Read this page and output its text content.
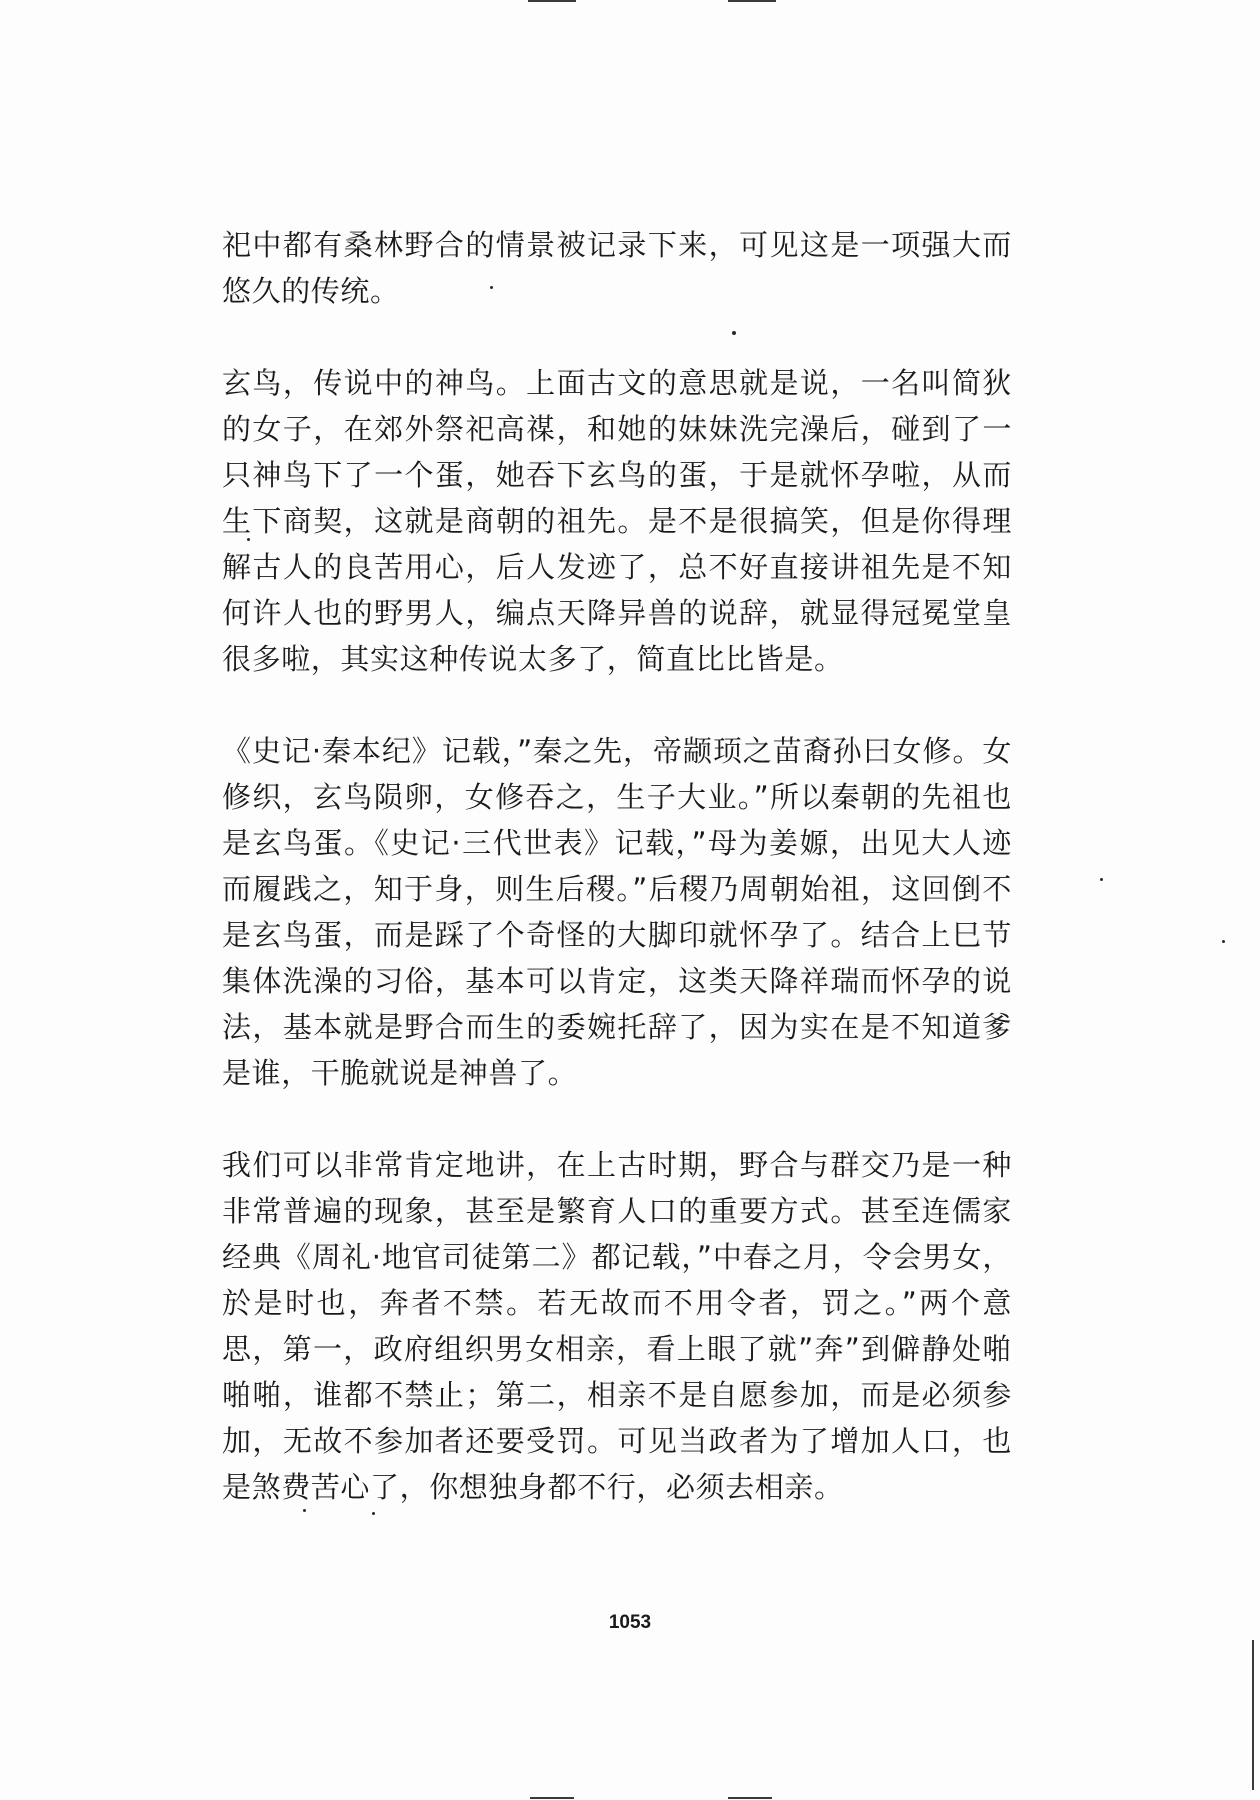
祀中都有桑林野合的情景被记录下来，可见这是一项强大而悠久的传统。

玄鸟，传说中的神鸟。上面古文的意思就是说，一名叫简狄的女子，在郊外祭祀高禖，和她的妹妹洗完澡后，碰到了一只神鸟下了一个蛋，她吞下玄鸟的蛋，于是就怀孕啦，从而生下商契，这就是商朝的祖先。是不是很搞笑，但是你得理解古人的良苦用心，后人发迹了，总不好直接讲祖先是不知何许人也的野男人，编点天降异兽的说辞，就显得冠冕堂皇很多啦，其实这种传说太多了，简直比比皆是。

《史记·秦本纪》记载，”秦之先，帝颛顼之苗裔孙曰女修。女修织，玄鸟陨卵，女修吞之，生子大业。”所以秦朝的先祖也是玄鸟蛋。《史记·三代世表》记载，”母为姜嫄，出见大人迹而履践之，知于身，则生后稷。”后稷乃周朝始祖，这回倒不是玄鸟蛋，而是踩了个奇怪的大脚印就怀孕了。结合上巳节集体洗澡的习俗，基本可以肯定，这类天降祥瑞而怀孕的说法，基本就是野合而生的委婉托辞了，因为实在是不知道爹是谁，干脆就说是神兽了。

我们可以非常肯定地讲，在上古时期，野合与群交乃是一种非常普遍的现象，甚至是繁育人口的重要方式。甚至连儒家经典《周礼·地官司徒第二》都记载，”中春之月，令会男女，於是时也，奔者不禁。若无故而不用令者，罚之。”两个意思，第一，政府组织男女相亲，看上眼了就”奔”到僻静处啪啪啪，谁都不禁止；第二，相亲不是自愿参加，而是必须参加，无故不参加者还要受罚。可见当政者为了增加人口，也是煞费苦心了，你想独身都不行，必须去相亲。

1053
